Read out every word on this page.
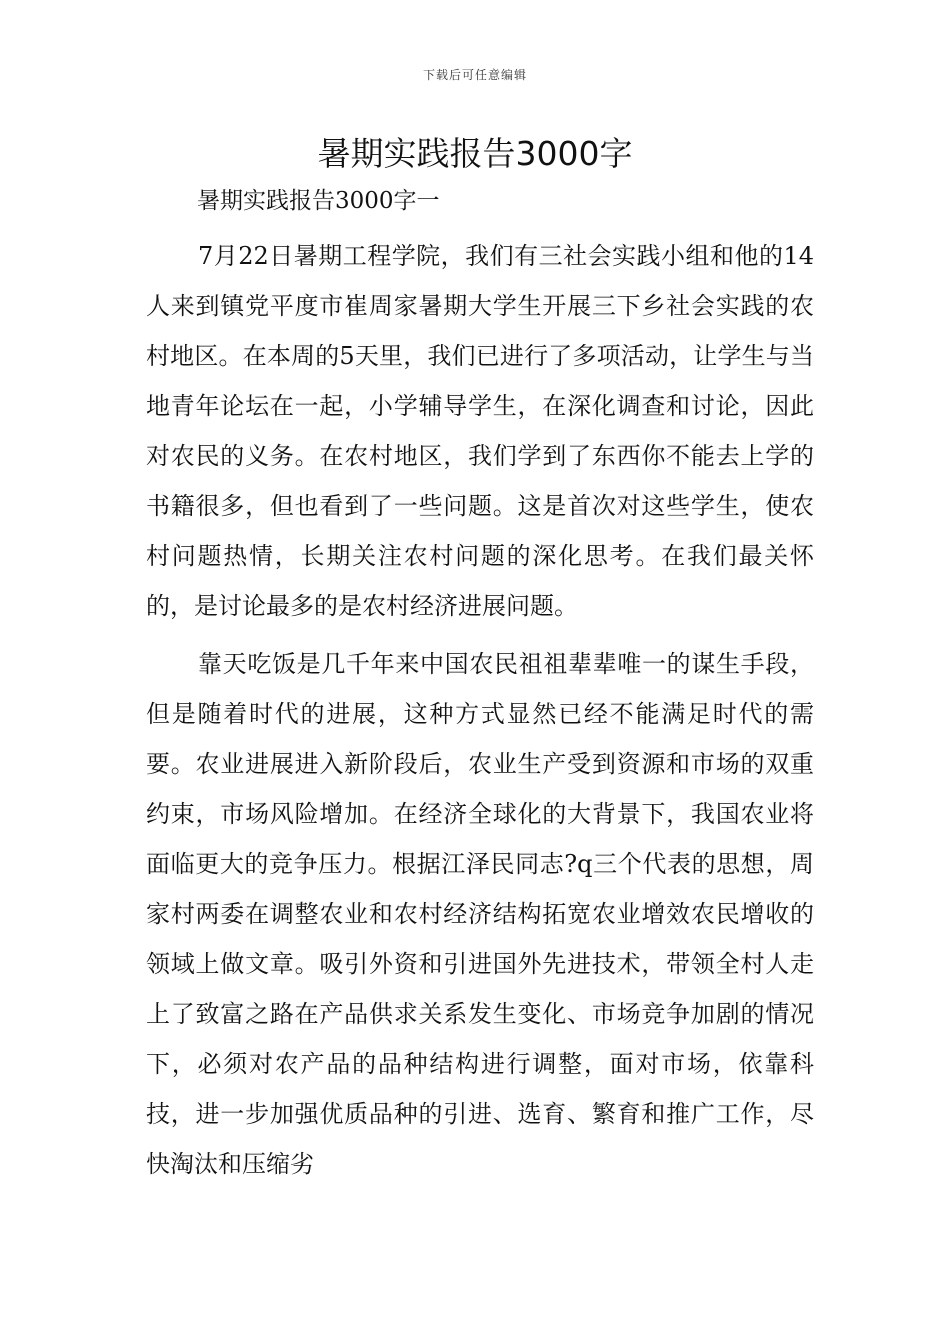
下载后可任意编辑
暑期实践报告3000字

暑期实践报告3000字一

7月22日暑期工程学院，我们有三社会实践小组和他的14人来到镇党平度市崔周家暑期大学生开展三下乡社会实践的农村地区。在本周的5天里，我们已进行了多项活动，让学生与当地青年论坛在一起，小学辅导学生，在深化调查和讨论，因此对农民的义务。在农村地区，我们学到了东西你不能去上学的书籍很多，但也看到了一些问题。这是首次对这些学生，使农村问题热情，长期关注农村问题的深化思考。在我们最关怀的，是讨论最多的是农村经济进展问题。

靠天吃饭是几千年来中国农民祖祖辈辈唯一的谋生手段，但是随着时代的进展，这种方式显然已经不能满足时代的需要。农业进展进入新阶段后，农业生产受到资源和市场的双重约束，市场风险增加。在经济全球化的大背景下，我国农业将面临更大的竞争压力。根据江泽民同志?q三个代表的思想，周家村两委在调整农业和农村经济结构拓宽农业增效农民增收的领域上做文章。吸引外资和引进国外先进技术，带领全村人走上了致富之路在产品供求关系发生变化、市场竞争加剧的情况下，必须对农产品的品种结构进行调整，面对市场，依靠科技，进一步加强优质品种的引进、选育、繁育和推广工作，尽快淘汰和压缩劣
